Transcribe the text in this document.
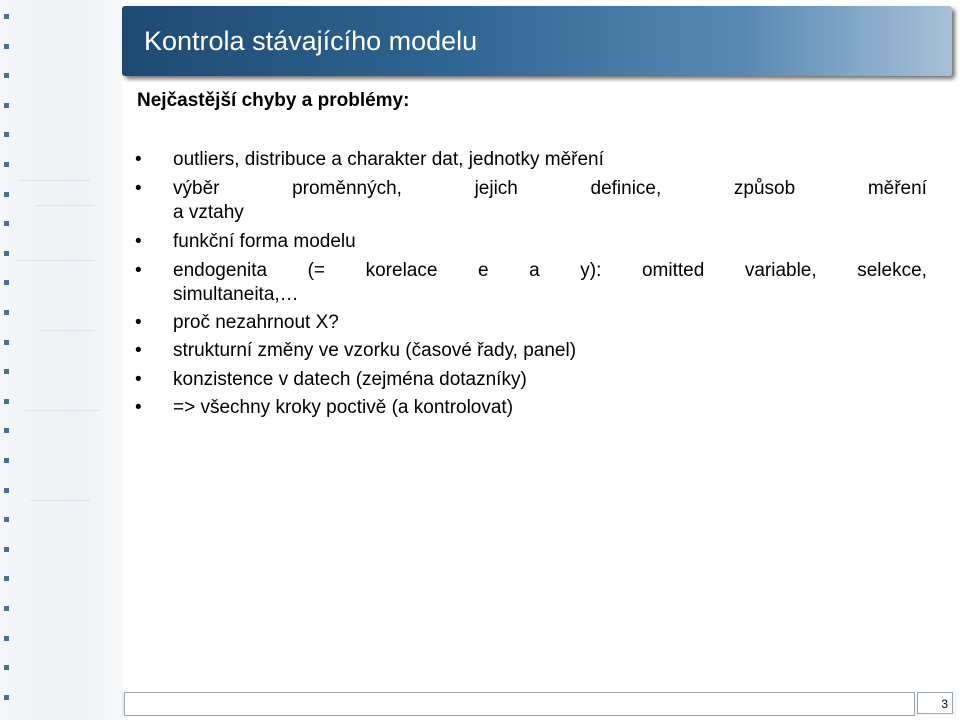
Kontrola stávajícího modelu
Nejčastější chyby a problémy:
• outliers, distribuce a charakter dat, jednotky měření
• výběr	proměnných,	jejich	definice,	způsob	měření
a vztahy
• funkční forma modelu
• endogenita (= korelace e a y): omitted variable, selekce,
simultaneita,…
• proč nezahrnout X?
• strukturní změny ve vzorku (časové řady, panel)
• konzistence v datech (zejména dotazníky)
• => všechny kroky poctivě (a kontrolovat)
3
